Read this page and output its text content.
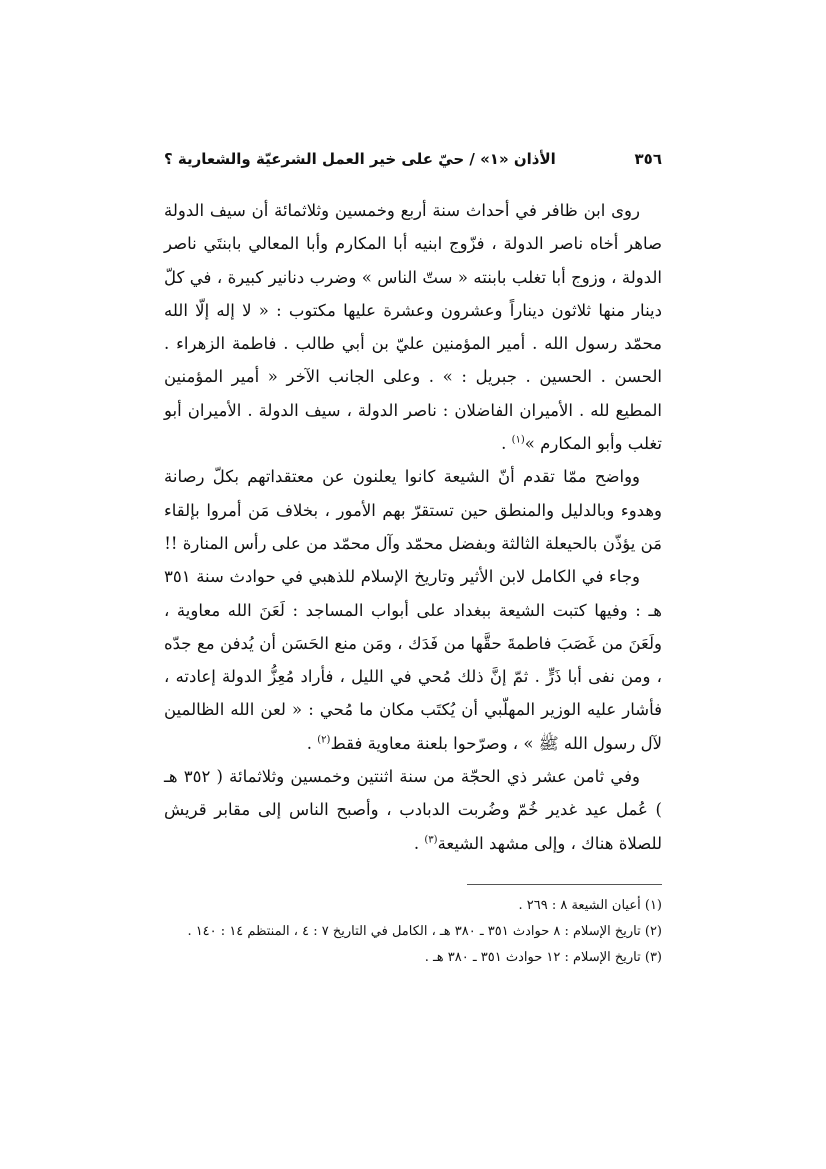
٣٥٦
الأذان «١» / حيّ على خير العمل الشرعيّة والشعارية ؟

روى ابن ظافر في أحداث سنة أربع وخمسين وثلاثمائة أن سيف الدولة صاهر أخاه ناصر الدولة ، فزّوج ابنيه أبا المكارم وأبا المعالي بابنتَي ناصر الدولة ، وزوج أبا تغلب بابنته « ستّ الناس » وضرب دنانير كبيرة ، في كلّ دينار منها ثلاثون ديناراً وعشرون وعشرة عليها مكتوب : « لا إله إلّا الله محمّد رسول الله . أمير المؤمنين عليّ بن أبي طالب . فاطمة الزهراء . الحسن . الحسين . جبريل : » . وعلى الجانب الآخر « أمير المؤمنين المطيع لله . الأميران الفاضلان : ناصر الدولة ، سيف الدولة . الأميران أبو تغلب وأبو المكارم »$^{(١)}$ .

وواضح ممّا تقدم أنّ الشيعة كانوا يعلنون عن معتقداتهم بكلّ رصانة وهدوء وبالدليل والمنطق حين تستقرّ بهم الأمور ، بخلاف مَن أمروا بإلقاء مَن يؤذّن بالحيعلة الثالثة وبفضل محمّد وآل محمّد من على رأس المنارة !!

وجاء في الكامل لابن الأثير وتاريخ الإسلام للذهبي في حوادث سنة ٣٥١ هـ : وفيها كتبت الشيعة ببغداد على أبواب المساجد : لَعَنَ الله معاوية ، ولَعَنَ من غَصَبَ فاطمةَ حقَّها من فَدَك ، ومَن منع الحَسَن أن يُدفن مع جدّه ، ومن نفى أبا ذَرٍّ . ثمّ إنَّ ذلك مُحي في الليل ، فأراد مُعِزُّ الدولة إعادته ، فأشار عليه الوزير المهلّبي أن يُكتَب مكان ما مُحي : « لعن الله الظالمين لآل رسول الله ﷺ » ، وصرّحوا بلعنة معاوية فقط$^{(٢)}$ .

وفي ثامن عشر ذي الحجّة من سنة اثنتين وخمسين وثلاثمائة ( ٣٥٢ هـ ) عُمل عيد غدير خُمّ وضُربت الدبادب ، وأصبح الناس إلى مقابر قريش للصلاة هناك ، وإلى مشهد الشيعة$^{(٣)}$ .

(١) أعيان الشيعة ٨ : ٢٦٩ .

(٢) تاريخ الإسلام : ٨ حوادث ٣٥١ ـ ٣٨٠ هـ ، الكامل في التاريخ ٧ : ٤ ، المنتظم ١٤ : ١٤٠ .

(٣) تاريخ الإسلام : ١٢ حوادث ٣٥١ ـ ٣٨٠ هـ .
